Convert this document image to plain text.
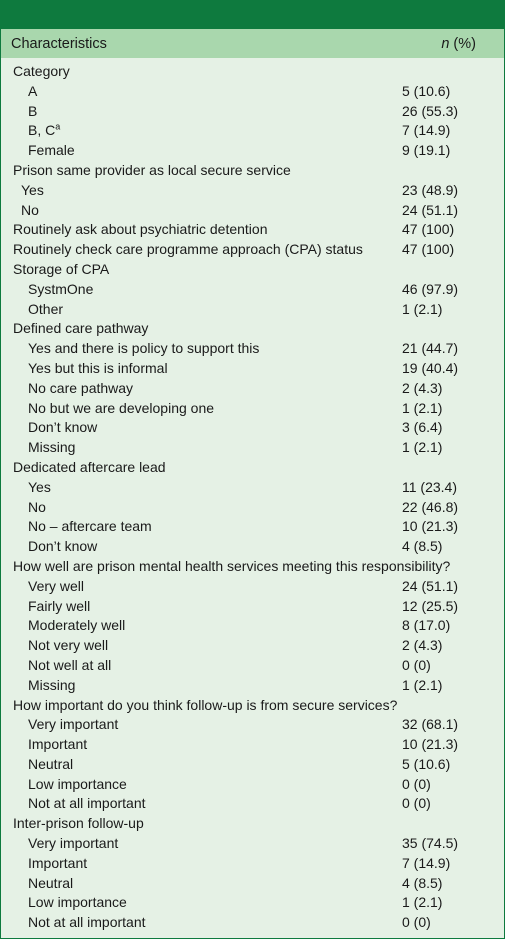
Characteristics	n (%)
Category
A	5 (10.6)
B	26 (55.3)
B, $C^a$	7 (14.9)
Female	9 (19.1)
Prison same provider as local secure service
Yes	23 (48.9)
No	24 (51.1)
Routinely ask about psychiatric detention	47 (100)
Routinely check care programme approach (CPA) status	47 (100)
Storage of CPA
SystmOne	46 (97.9)
Other	1 (2.1)
Defined care pathway
Yes and there is policy to support this	21 (44.7)
Yes but this is informal	19 (40.4)
No care pathway	2 (4.3)
No but we are developing one	1 (2.1)
Don’t know	3 (6.4)
Missing	1 (2.1)
Dedicated aftercare lead
Yes	11 (23.4)
No	22 (46.8)
No – aftercare team	10 (21.3)
Don’t know	4 (8.5)
How well are prison mental health services meeting this responsibility?
Very well	24 (51.1)
Fairly well	12 (25.5)
Moderately well	8 (17.0)
Not very well	2 (4.3)
Not well at all	0 (0)
Missing	1 (2.1)
How important do you think follow-up is from secure services?
Very important	32 (68.1)
Important	10 (21.3)
Neutral	5 (10.6)
Low importance	0 (0)
Not at all important	0 (0)
Inter-prison follow-up
Very important	35 (74.5)
Important	7 (14.9)
Neutral	4 (8.5)
Low importance	1 (2.1)
Not at all important	0 (0)
